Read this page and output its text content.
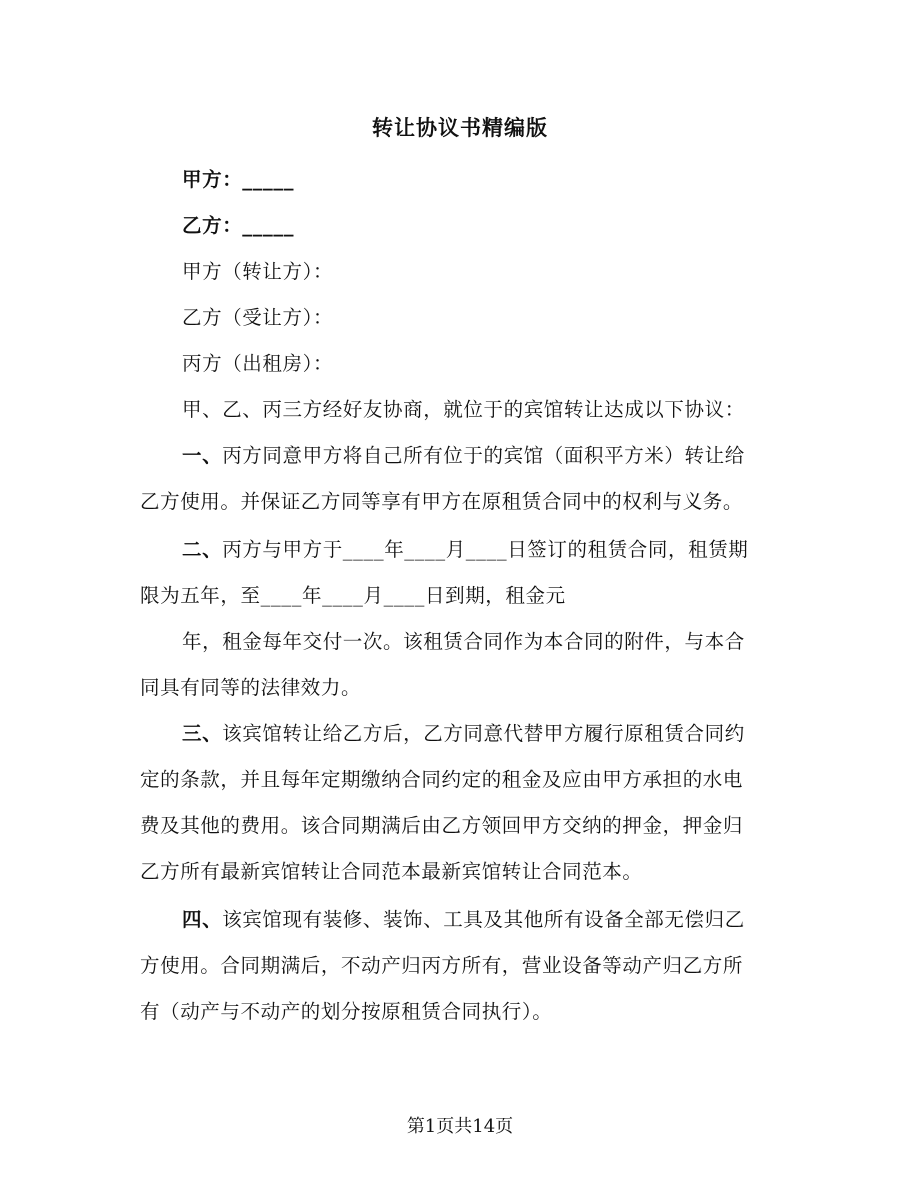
转让协议书精编版
甲方：_____
乙方：_____
甲方（转让方）：
乙方（受让方）：
丙方（出租房）：
甲、乙、丙三方经好友协商，就位于的宾馆转让达成以下协议：
一、丙方同意甲方将自己所有位于的宾馆（面积平方米）转让给
乙方使用。并保证乙方同等享有甲方在原租赁合同中的权利与义务。
二、丙方与甲方于____年____月____日签订的租赁合同，租赁期
限为五年，至____年____月____日到期，租金元
年，租金每年交付一次。该租赁合同作为本合同的附件，与本合
同具有同等的法律效力。
三、该宾馆转让给乙方后，乙方同意代替甲方履行原租赁合同约
定的条款，并且每年定期缴纳合同约定的租金及应由甲方承担的水电
费及其他的费用。该合同期满后由乙方领回甲方交纳的押金，押金归
乙方所有最新宾馆转让合同范本最新宾馆转让合同范本。
四、该宾馆现有装修、装饰、工具及其他所有设备全部无偿归乙
方使用。合同期满后，不动产归丙方所有，营业设备等动产归乙方所
有（动产与不动产的划分按原租赁合同执行）。
第1页共14页
